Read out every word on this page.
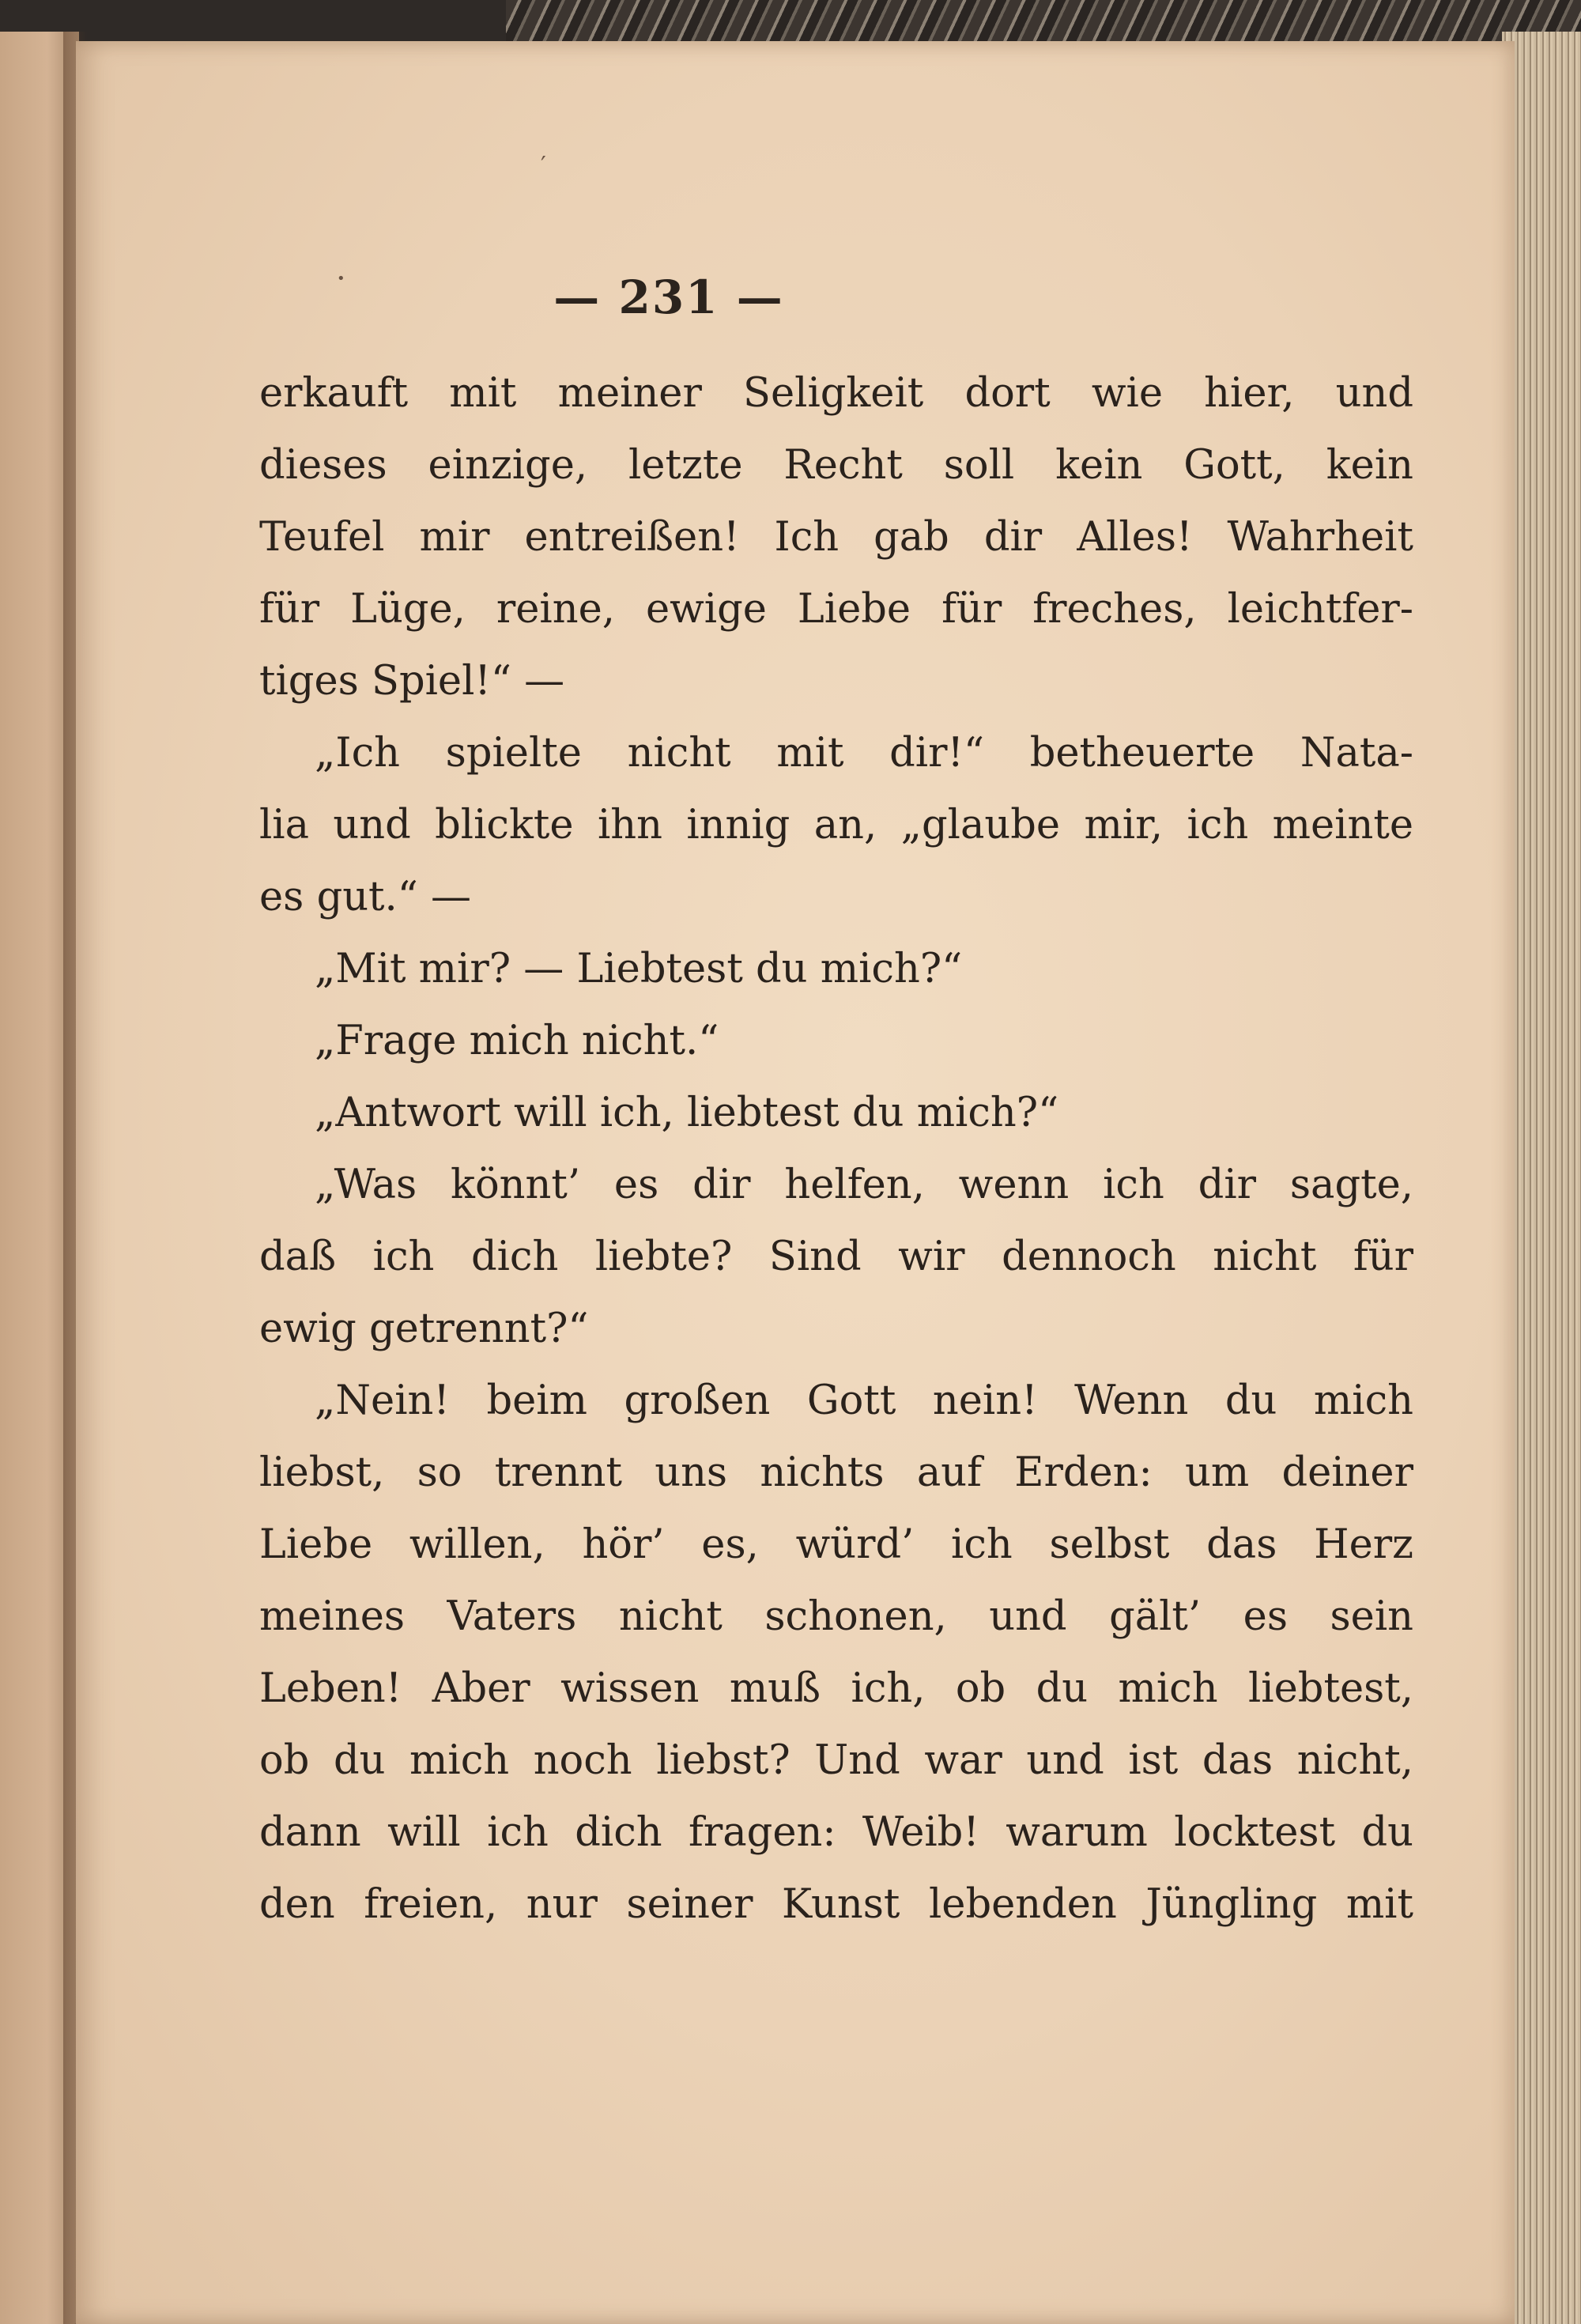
— 231 —
′
•
erkauft mit meiner Seligkeit dort wie hier, und
dieses einzige, letzte Recht soll kein Gott, kein
Teufel mir entreißen! Ich gab dir Alles! Wahrheit
für Lüge, reine, ewige Liebe für freches, leichtfer-
tiges Spiel!“ —
„Ich spielte nicht mit dir!“ betheuerte Nata-
lia und blickte ihn innig an, „glaube mir, ich meinte
es gut.“ —
„Mit mir? — Liebtest du mich?“
„Frage mich nicht.“
„Antwort will ich, liebtest du mich?“
„Was könnt’ es dir helfen, wenn ich dir sagte,
daß ich dich liebte? Sind wir dennoch nicht für
ewig getrennt?“
„Nein! beim großen Gott nein! Wenn du mich
liebst, so trennt uns nichts auf Erden: um deiner
Liebe willen, hör’ es, würd’ ich selbst das Herz
meines Vaters nicht schonen, und gält’ es sein
Leben! Aber wissen muß ich, ob du mich liebtest,
ob du mich noch liebst? Und war und ist das nicht,
dann will ich dich fragen: Weib! warum locktest du
den freien, nur seiner Kunst lebenden Jüngling mit
